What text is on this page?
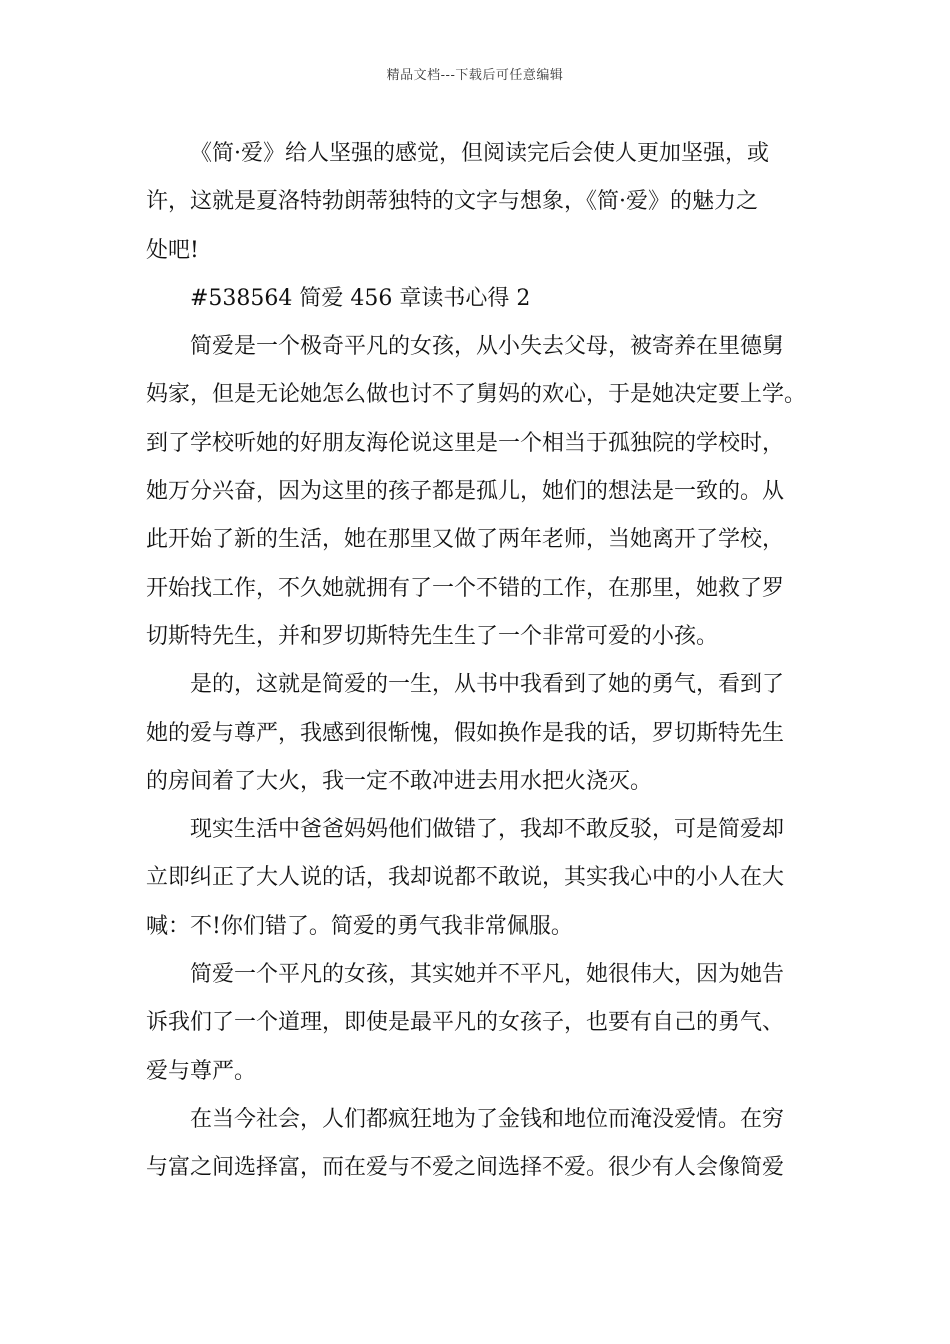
精品文档---下载后可任意编辑
《简·爱》给人坚强的感觉，但阅读完后会使人更加坚强，或
许，这就是夏洛特勃朗蒂独特的文字与想象，《简·爱》的魅力之
处吧!
#538564 简爱 456 章读书心得 2
简爱是一个极奇平凡的女孩，从小失去父母，被寄养在里德舅
妈家，但是无论她怎么做也讨不了舅妈的欢心，于是她决定要上学。
到了学校听她的好朋友海伦说这里是一个相当于孤独院的学校时，
她万分兴奋，因为这里的孩子都是孤儿，她们的想法是一致的。从
此开始了新的生活，她在那里又做了两年老师，当她离开了学校，
开始找工作，不久她就拥有了一个不错的工作，在那里，她救了罗
切斯特先生，并和罗切斯特先生生了一个非常可爱的小孩。
是的，这就是简爱的一生，从书中我看到了她的勇气，看到了
她的爱与尊严，我感到很惭愧，假如换作是我的话，罗切斯特先生
的房间着了大火，我一定不敢冲进去用水把火浇灭。
现实生活中爸爸妈妈他们做错了，我却不敢反驳，可是简爱却
立即纠正了大人说的话，我却说都不敢说，其实我心中的小人在大
喊：不!你们错了。简爱的勇气我非常佩服。
简爱一个平凡的女孩，其实她并不平凡，她很伟大，因为她告
诉我们了一个道理，即使是最平凡的女孩子，也要有自己的勇气、
爱与尊严。
在当今社会，人们都疯狂地为了金钱和地位而淹没爱情。在穷
与富之间选择富，而在爱与不爱之间选择不爱。很少有人会像简爱
